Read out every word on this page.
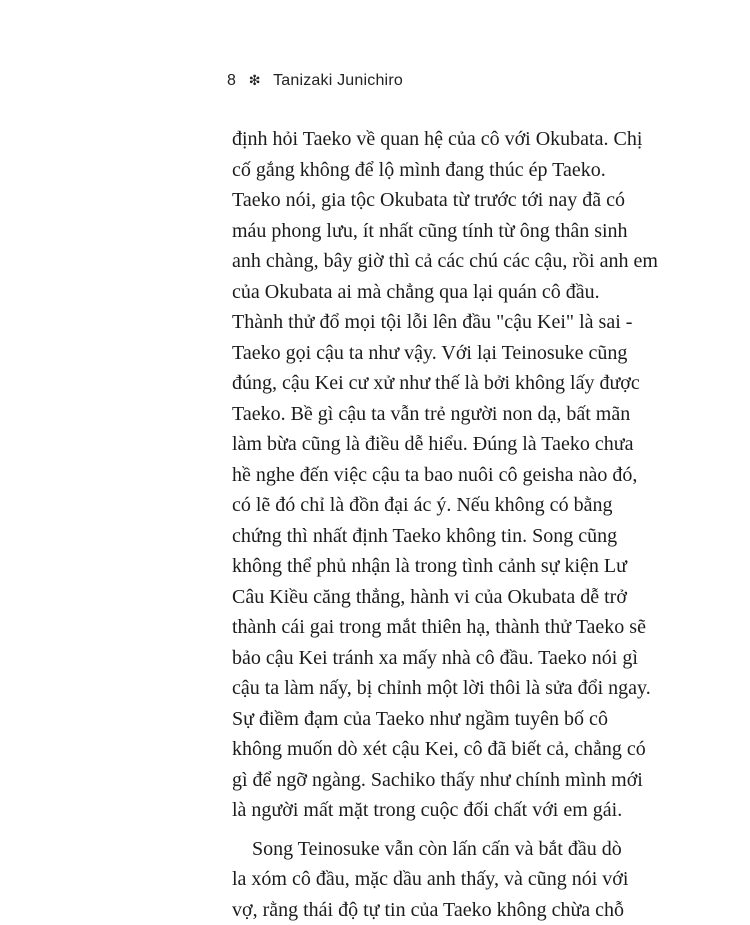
8 ❇ Tanizaki Junichiro
định hỏi Taeko về quan hệ của cô với Okubata. Chị
cố gắng không để lộ mình đang thúc ép Taeko.
Taeko nói, gia tộc Okubata từ trước tới nay đã có
máu phong lưu, ít nhất cũng tính từ ông thân sinh
anh chàng, bây giờ thì cả các chú các cậu, rồi anh em
của Okubata ai mà chẳng qua lại quán cô đầu.
Thành thử đổ mọi tội lỗi lên đầu "cậu Kei" là sai -
Taeko gọi cậu ta như vậy. Với lại Teinosuke cũng
đúng, cậu Kei cư xử như thế là bởi không lấy được
Taeko. Bề gì cậu ta vẫn trẻ người non dạ, bất mãn
làm bừa cũng là điều dễ hiểu. Đúng là Taeko chưa
hề nghe đến việc cậu ta bao nuôi cô geisha nào đó,
có lẽ đó chỉ là đồn đại ác ý. Nếu không có bằng
chứng thì nhất định Taeko không tin. Song cũng
không thể phủ nhận là trong tình cảnh sự kiện Lư
Câu Kiều căng thẳng, hành vi của Okubata dễ trở
thành cái gai trong mắt thiên hạ, thành thử Taeko sẽ
bảo cậu Kei tránh xa mấy nhà cô đầu. Taeko nói gì
cậu ta làm nấy, bị chỉnh một lời thôi là sửa đổi ngay.
Sự điềm đạm của Taeko như ngầm tuyên bố cô
không muốn dò xét cậu Kei, cô đã biết cả, chẳng có
gì để ngỡ ngàng. Sachiko thấy như chính mình mới
là người mất mặt trong cuộc đối chất với em gái.
Song Teinosuke vẫn còn lấn cấn và bắt đầu dò
la xóm cô đầu, mặc dầu anh thấy, và cũng nói với
vợ, rằng thái độ tự tin của Taeko không chừa chỗ
